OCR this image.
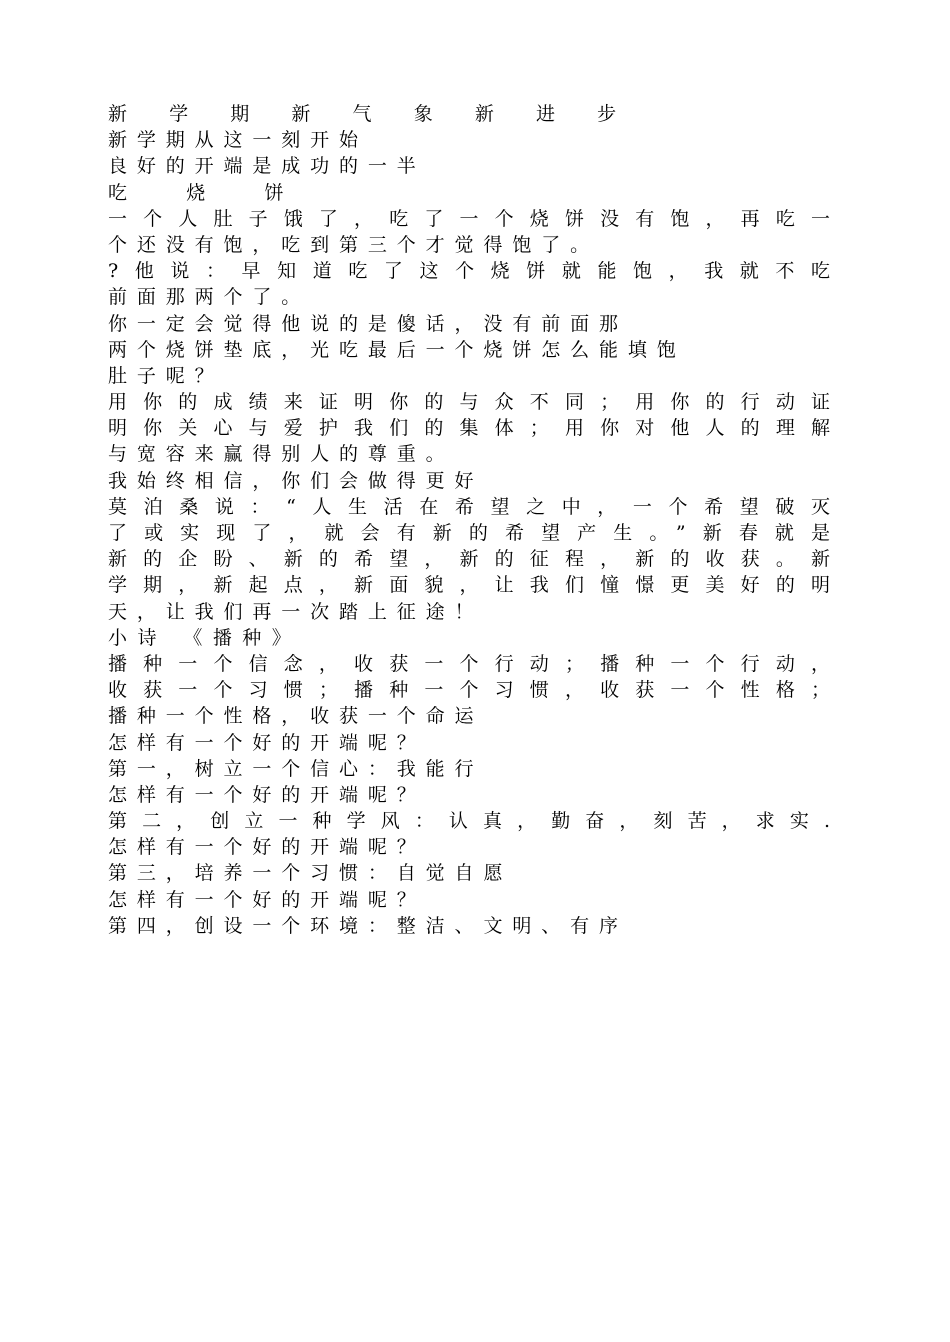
新 学 期 新 气 象 新 进 步
新学期从这一刻开始
良好的开端是成功的一半
吃 烧 饼
一个人肚子饿了，吃了一个烧饼没有饱，再吃一
个还没有饱，吃到第三个才觉得饱了。
?他说：早知道吃了这个烧饼就能饱，我就不吃
前面那两个了。
你一定会觉得他说的是傻话，没有前面那
两个烧饼垫底，光吃最后一个烧饼怎么能填饱
肚子呢？
用你的成绩来证明你的与众不同；用你的行动证
明你关心与爱护我们的集体；用你对他人的理解
与宽容来赢得别人的尊重。
我始终相信，你们会做得更好
莫泊桑说：“人生活在希望之中，一个希望破灭
了或实现了，就会有新的希望产生。”新春就是
新的企盼、新的希望，新的征程，新的收获。新
学期，新起点，新面貌，让我们憧憬更美好的明
天，让我们再一次踏上征途！
小诗 《播种》
播种一个信念，收获一个行动；播种一个行动，
收获一个习惯；播种一个习惯，收获一个性格；
播种一个性格，收获一个命运
怎样有一个好的开端呢？
第一，树立一个信心：我能行
怎样有一个好的开端呢？
第二，创立一种学风：认真，勤奋，刻苦，求实.
怎样有一个好的开端呢？
第三，培养一个习惯：自觉自愿
怎样有一个好的开端呢？
第四，创设一个环境：整洁、文明、有序
